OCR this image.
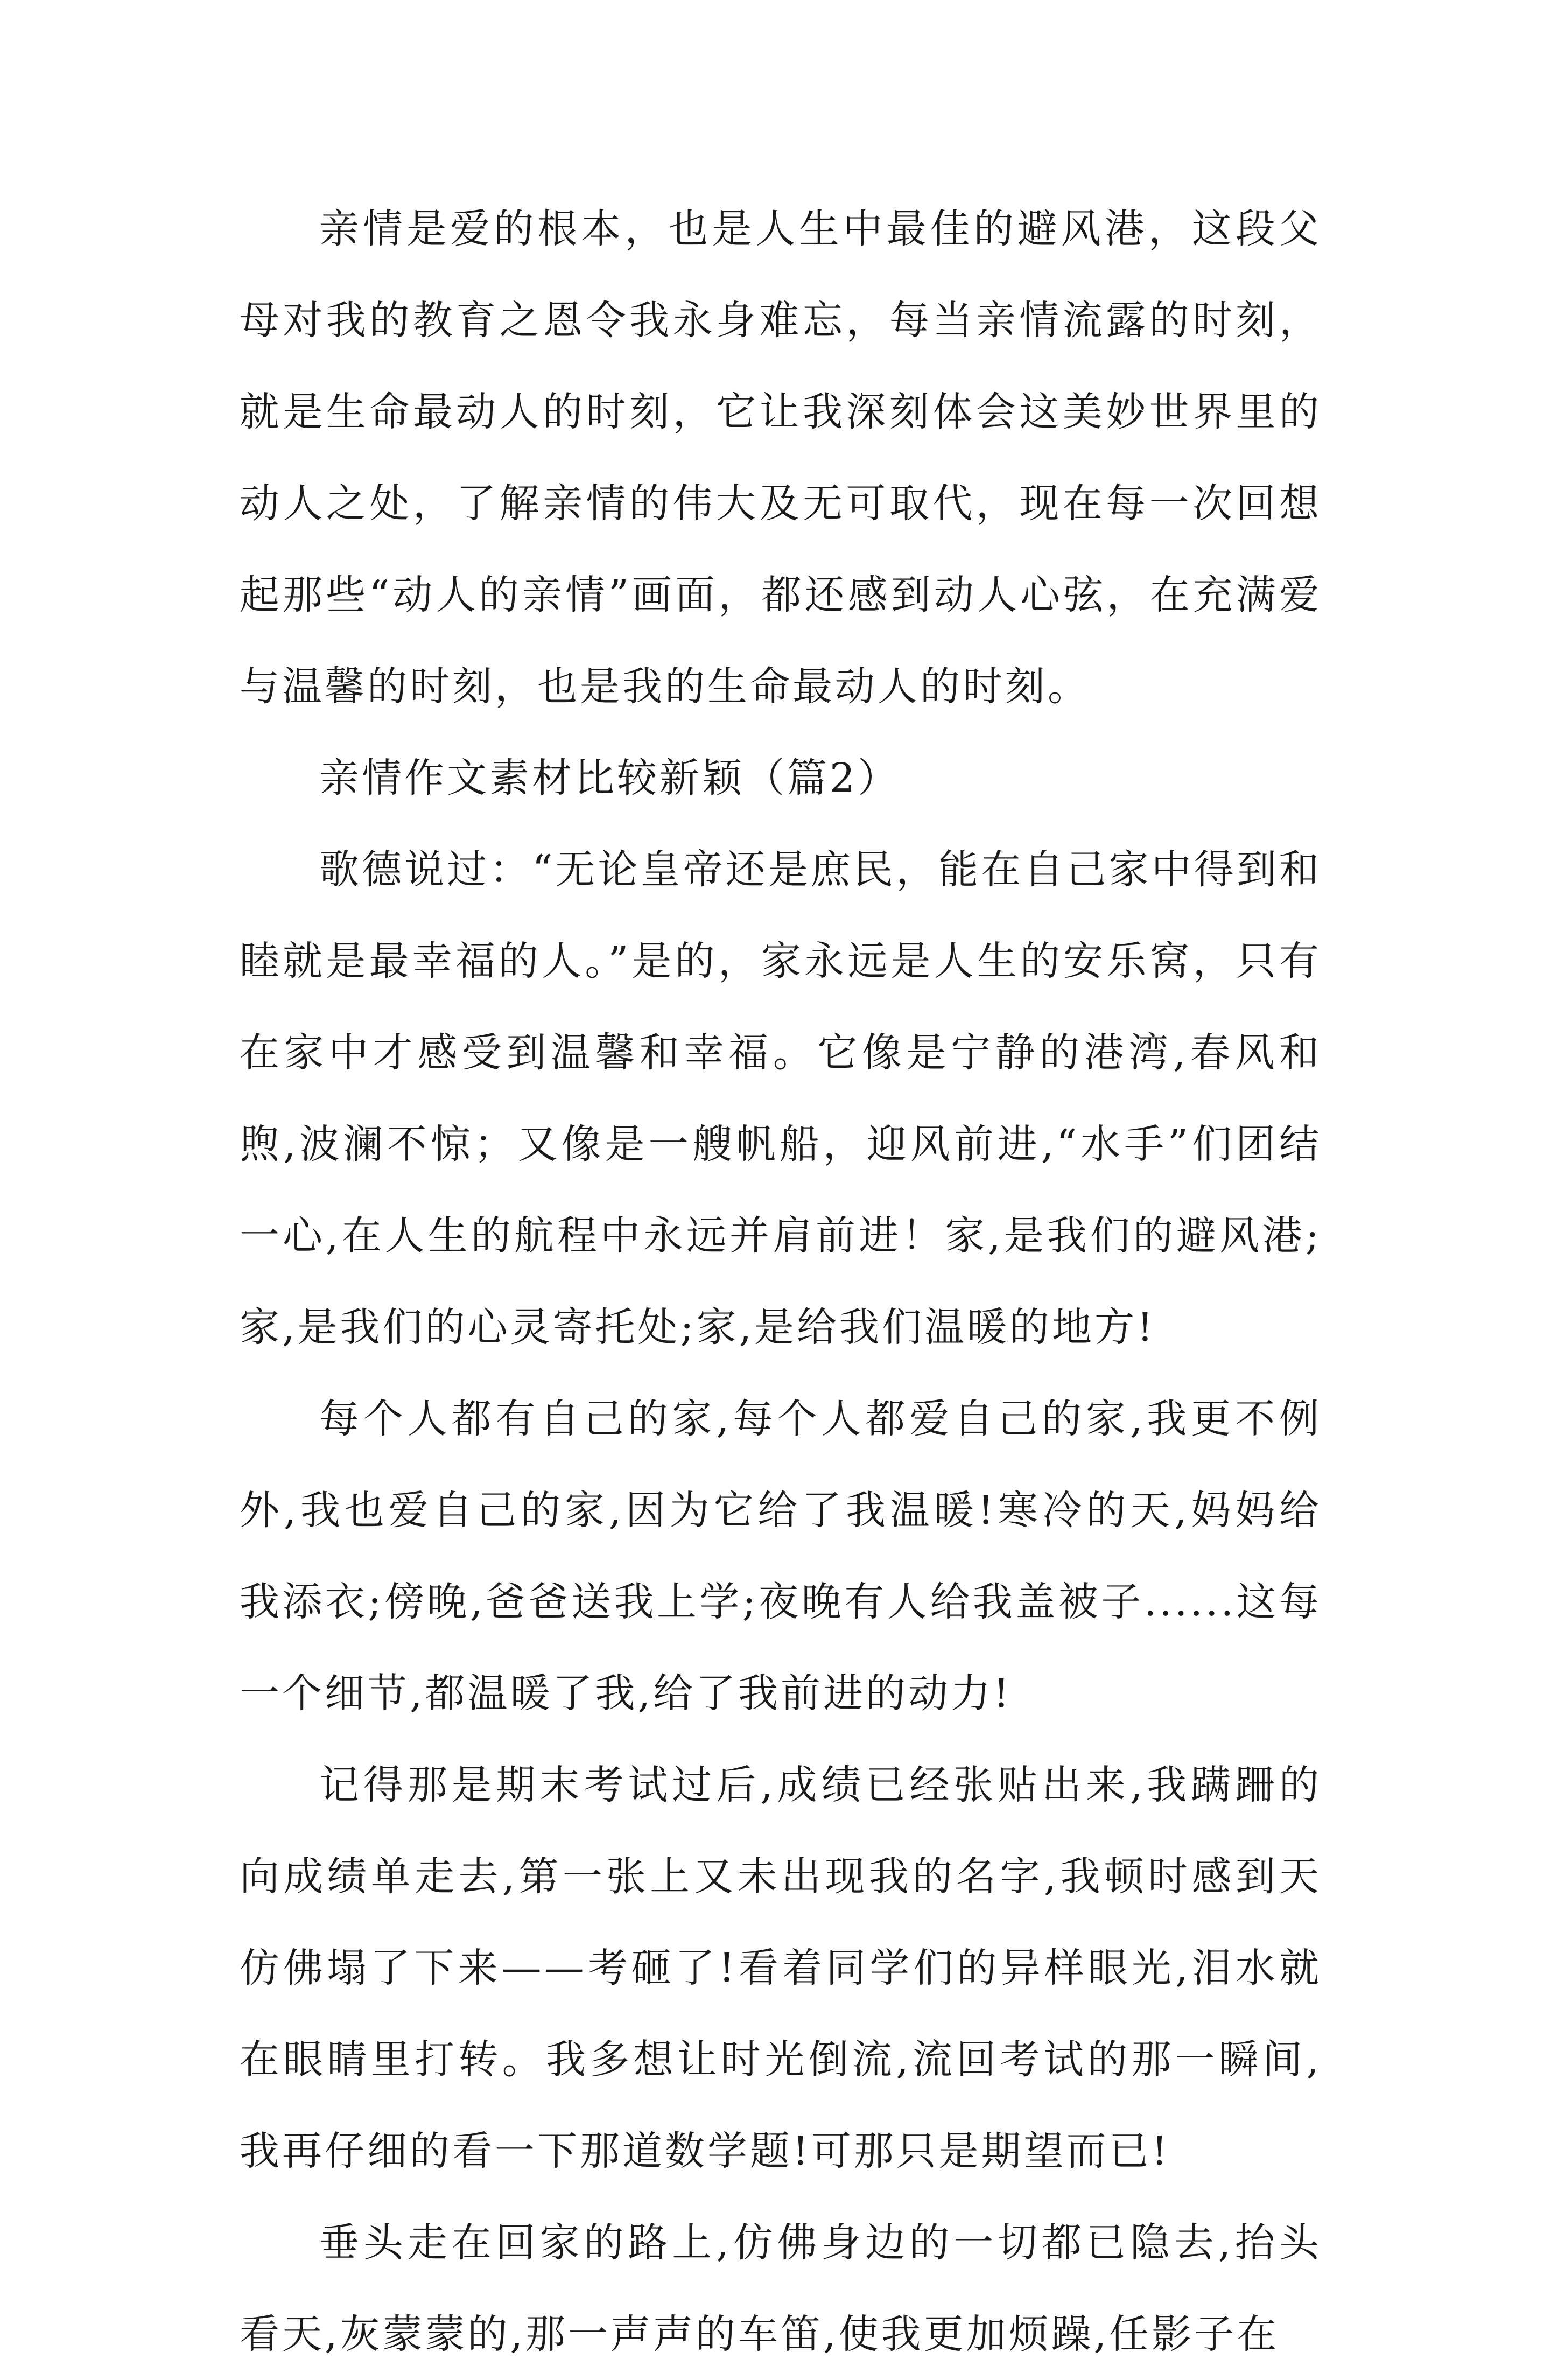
亲情是爱的根本，也是人生中最佳的避风港，这段父母对我的教育之恩令我永身难忘，每当亲情流露的时刻，就是生命最动人的时刻，它让我深刻体会这美妙世界里的动人之处，了解亲情的伟大及无可取代，现在每一次回想起那些“动人的亲情”画面，都还感到动人心弦，在充满爱与温馨的时刻，也是我的生命最动人的时刻。

亲情作文素材比较新颖（篇2）

歌德说过：“无论皇帝还是庶民，能在自己家中得到和睦就是最幸福的人。”是的，家永远是人生的安乐窝，只有在家中才感受到温馨和幸福。它像是宁静的港湾,春风和煦,波澜不惊；又像是一艘帆船，迎风前进,“水手”们团结一心,在人生的航程中永远并肩前进！家,是我们的避风港;家,是我们的心灵寄托处;家,是给我们温暖的地方!

每个人都有自己的家,每个人都爱自己的家,我更不例外,我也爱自己的家,因为它给了我温暖!寒冷的天,妈妈给我添衣;傍晚,爸爸送我上学;夜晚有人给我盖被子......这每一个细节,都温暖了我,给了我前进的动力!

记得那是期末考试过后,成绩已经张贴出来,我蹒跚的向成绩单走去,第一张上又未出现我的名字,我顿时感到天仿佛塌了下来——考砸了!看着同学们的异样眼光,泪水就在眼睛里打转。我多想让时光倒流,流回考试的那一瞬间,我再仔细的看一下那道数学题!可那只是期望而已!

垂头走在回家的路上,仿佛身边的一切都已隐去,抬头看天,灰蒙蒙的,那一声声的车笛,使我更加烦躁,任影子在
